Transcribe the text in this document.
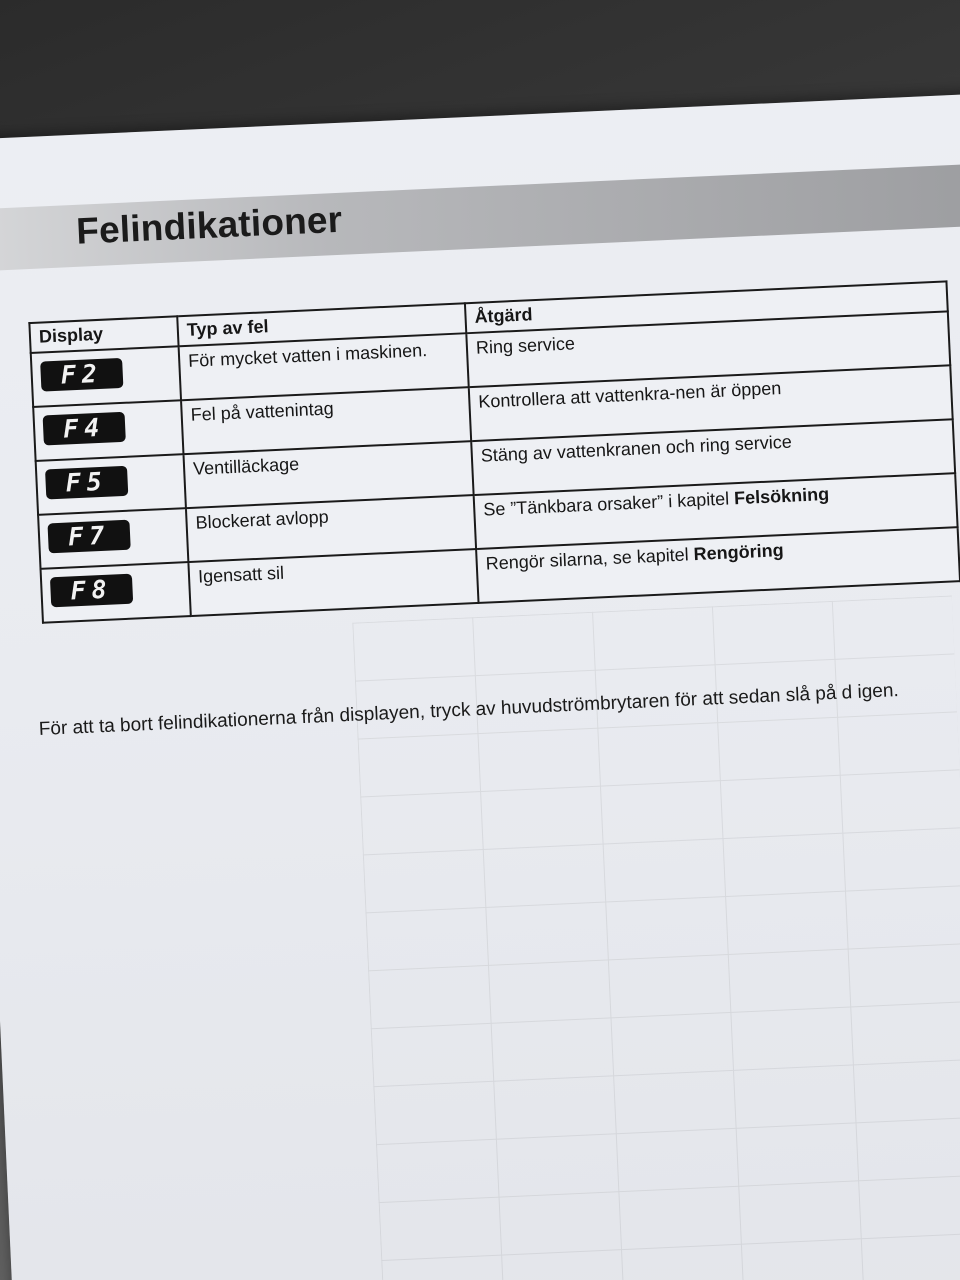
Felindikationer
Display	Typ av fel	Åtgärd
F2	För mycket vatten i maskinen.	Ring service
F4	Fel på vattenintag	Kontrollera att vattenkra-nen är öppen
F5	Ventilläckage	Stäng av vattenkranen och ring service
F7	Blockerat avlopp	Se ”Tänkbara orsaker” i kapitel Felsökning
F8	Igensatt sil	Rengör silarna, se kapitel Rengöring

För att ta bort felindikationerna från displayen, tryck av huvudströmbrytaren för att sedan slå på d igen.
